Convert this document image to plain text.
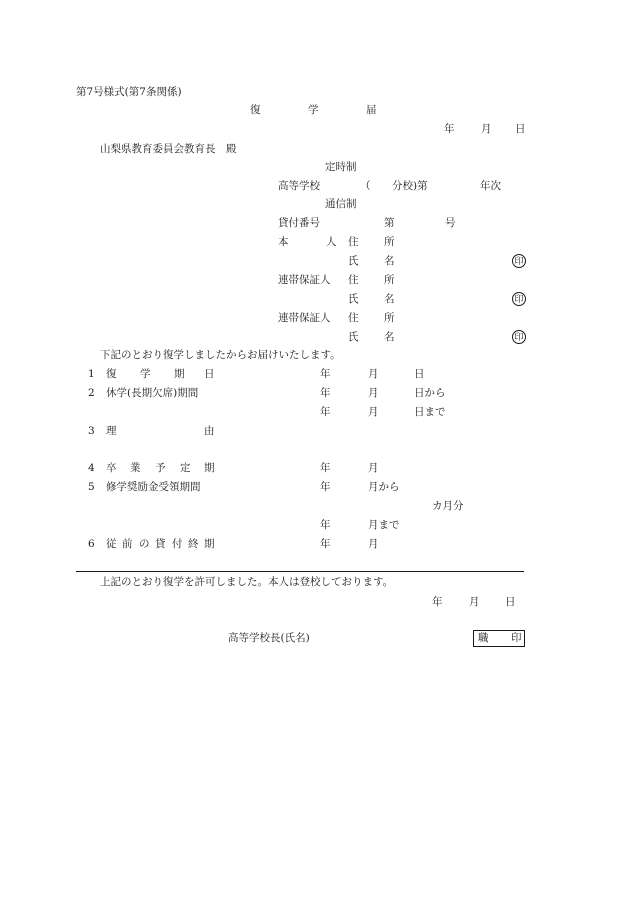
第7号様式(第7条関係)
復	学	届
年	月 日
山梨県教育委員会教育長　殿
定時制
高等学校	（ 分校)第	年次
通信制
貸付番号	第	号
本	人 住 所
氏 名	印
連帯保証人 住 所
氏 名	印
連帯保証人 住 所
氏 名	印
下記のとおり復学しましたからお届けいたします。
1 復 学 期 日	年	月	日
2 休学(長期欠席)期間	年	月	日から
年	月	日まで
3 理	由
4 卒 業 予 定 期	年	月
5 修学奨励金受領期間	年	月から
カ月分
年	月まで
6 従 前 の 貸 付 終 期	年	月
上記のとおり復学を許可しました。本人は登校しております。
年	月 日
高等学校長(氏名)	職 印
